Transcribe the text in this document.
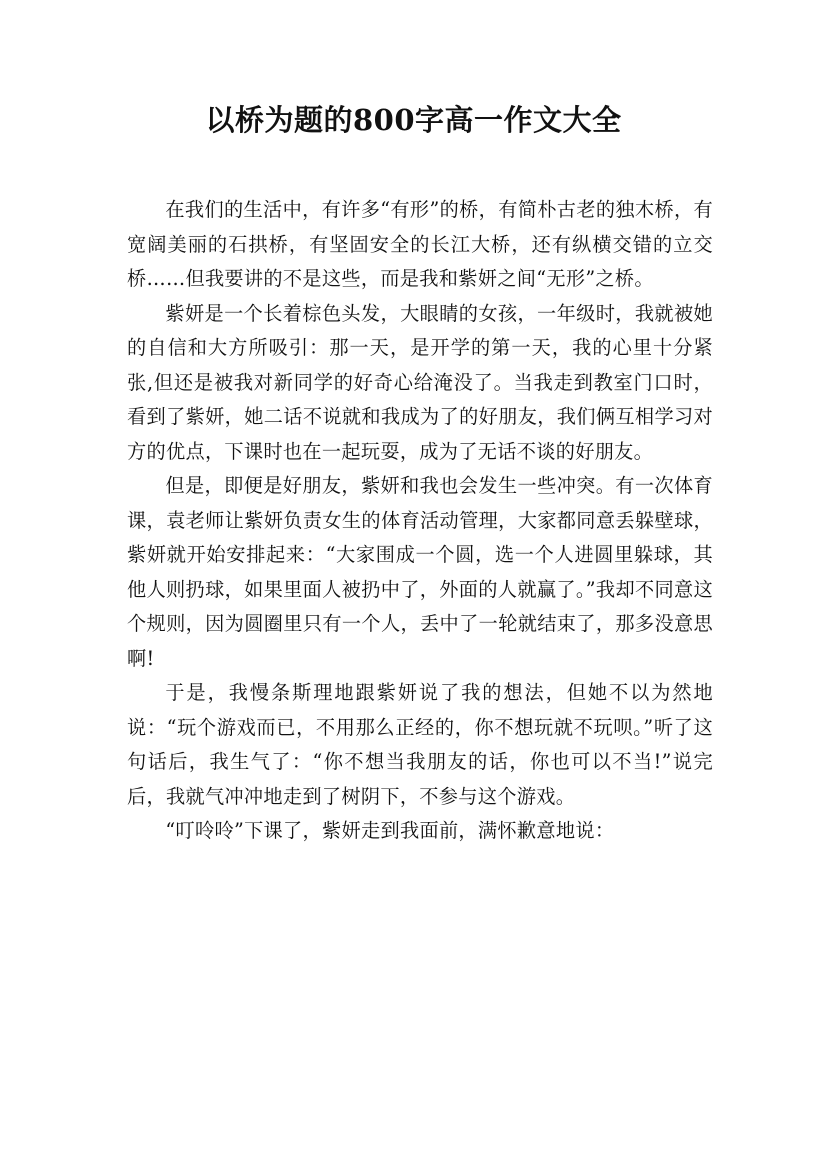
以桥为题的800字高一作文大全

在我们的生活中，有许多“有形”的桥，有简朴古老的独木桥，有宽阔美丽的石拱桥，有坚固安全的长江大桥，还有纵横交错的立交桥……但我要讲的不是这些，而是我和紫妍之间“无形”之桥。

紫妍是一个长着棕色头发，大眼睛的女孩，一年级时，我就被她的自信和大方所吸引：那一天，是开学的第一天，我的心里十分紧张,但还是被我对新同学的好奇心给淹没了。当我走到教室门口时，看到了紫妍，她二话不说就和我成为了的好朋友，我们俩互相学习对方的优点，下课时也在一起玩耍，成为了无话不谈的好朋友。

但是，即便是好朋友，紫妍和我也会发生一些冲突。有一次体育课，袁老师让紫妍负责女生的体育活动管理，大家都同意丢躲壁球，紫妍就开始安排起来：“大家围成一个圆，选一个人进圆里躲球，其他人则扔球，如果里面人被扔中了，外面的人就赢了。”我却不同意这个规则，因为圆圈里只有一个人，丢中了一轮就结束了，那多没意思啊!

于是，我慢条斯理地跟紫妍说了我的想法，但她不以为然地说：“玩个游戏而已，不用那么正经的，你不想玩就不玩呗。”听了这句话后，我生气了：“你不想当我朋友的话，你也可以不当!”说完后，我就气冲冲地走到了树阴下，不参与这个游戏。

“叮呤呤”下课了，紫妍走到我面前，满怀歉意地说：
